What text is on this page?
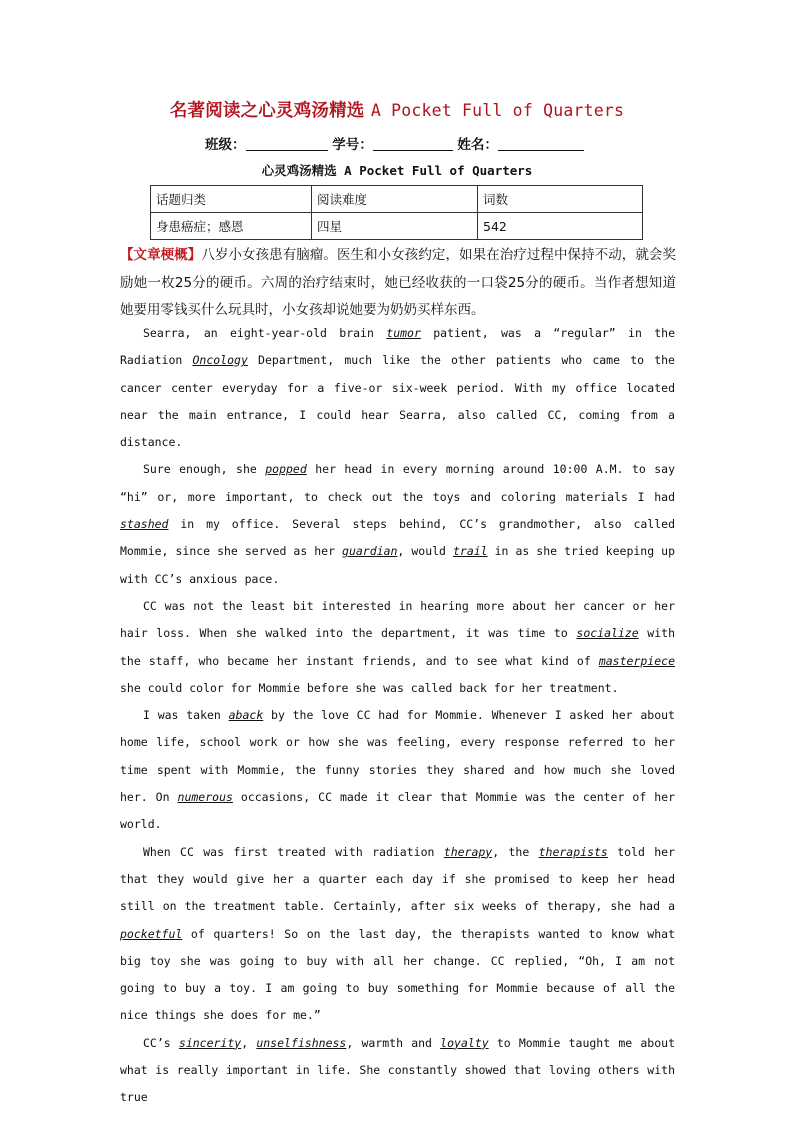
名著阅读之心灵鸡汤精选 A Pocket Full of Quarters
班级：	学号：	姓名：
心灵鸡汤精选 A Pocket Full of Quarters
话题归类	阅读难度	词数
身患癌症；感恩	四星	542
【文章梗概】八岁小女孩患有脑瘤。医生和小女孩约定，如果在治疗过程中保持不动，就会奖励她一枚25分的硬币。六周的治疗结束时，她已经收获的一口袋25分的硬币。当作者想知道她要用零钱买什么玩具时，小女孩却说她要为奶奶买样东西。

Searra, an eight-year-old brain tumor patient, was a “regular” in the Radiation Oncology Department, much like the other patients who came to the cancer center everyday for a five-or six-week period. With my office located near the main entrance, I could hear Searra, also called CC, coming from a distance.

Sure enough, she popped her head in every morning around 10:00 A.M. to say “hi” or, more important, to check out the toys and coloring materials I had stashed in my office. Several steps behind, CC’s grandmother, also called Mommie, since she served as her guardian, would trail in as she tried keeping up with CC’s anxious pace.

CC was not the least bit interested in hearing more about her cancer or her hair loss. When she walked into the department, it was time to socialize with the staff, who became her instant friends, and to see what kind of masterpiece she could color for Mommie before she was called back for her treatment.

I was taken aback by the love CC had for Mommie. Whenever I asked her about home life, school work or how she was feeling, every response referred to her time spent with Mommie, the funny stories they shared and how much she loved her. On numerous occasions, CC made it clear that Mommie was the center of her world.

When CC was first treated with radiation therapy, the therapists told her that they would give her a quarter each day if she promised to keep her head still on the treatment table. Certainly, after six weeks of therapy, she had a pocketful of quarters! So on the last day, the therapists wanted to know what big toy she was going to buy with all her change. CC replied, “Oh, I am not going to buy a toy. I am going to buy something for Mommie because of all the nice things she does for me.”

CC’s sincerity, unselfishness, warmth and loyalty to Mommie taught me about what is really important in life. She constantly showed that loving others with true
